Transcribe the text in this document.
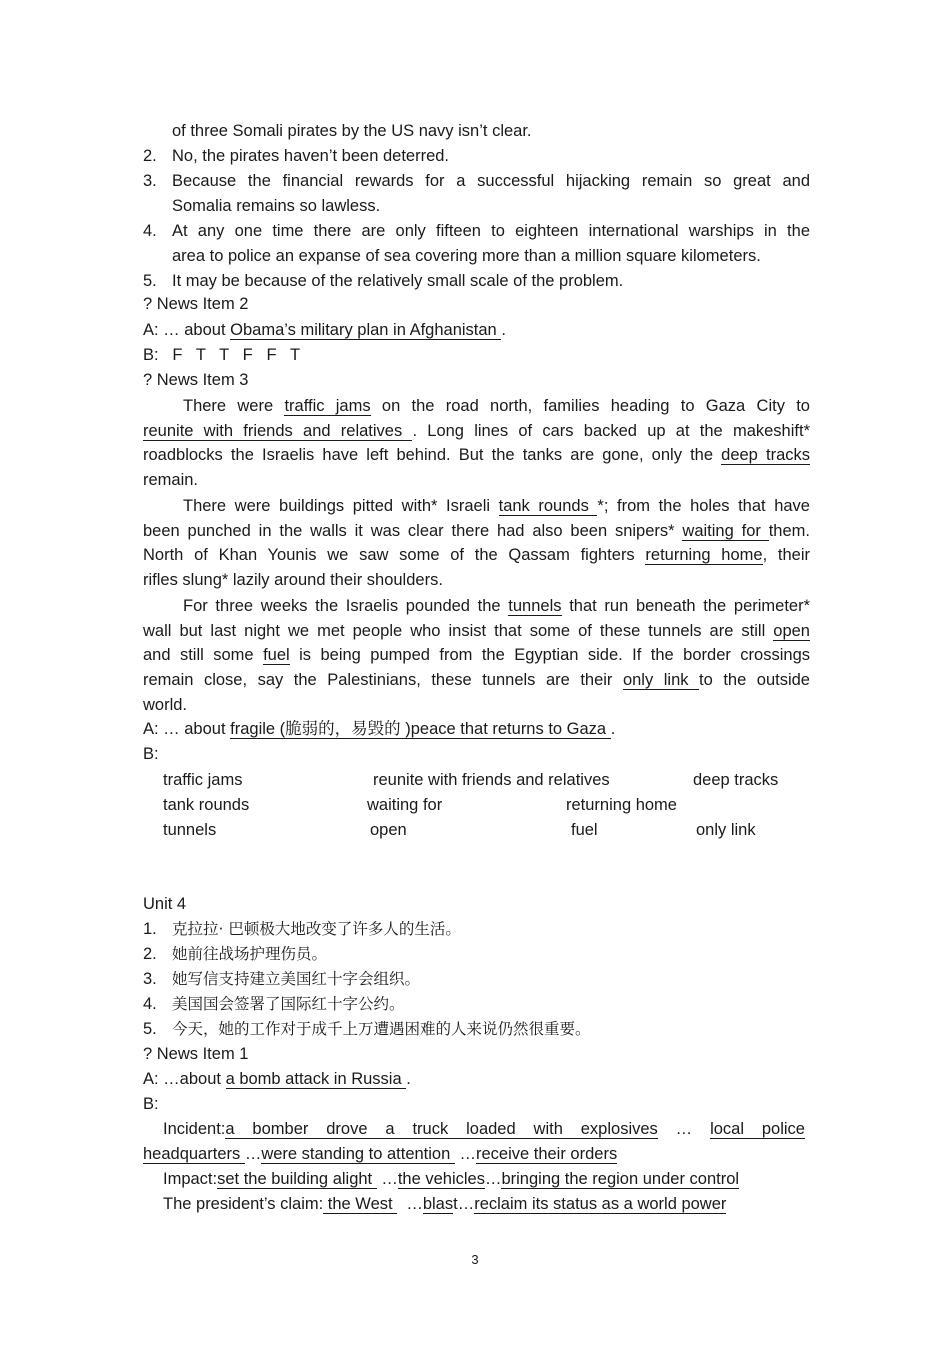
of three Somali pirates by the US navy isn’t clear.
2. No, the pirates haven’t been deterred.
3. Because the financial rewards for a successful hijacking remain so great and
Somalia remains so lawless.
4. At any one time there are only fifteen to eighteen international warships in the
area to police an expanse of sea covering more than a million square kilometers.
5. It may be because of the relatively small scale of the problem.
? News Item 2
A: … about Obama’s military plan in Afghanistan .
B:   F   T   T   F   F   T
? News Item 3
There were traffic jams on the road north, families heading to Gaza City to
reunite with friends and relatives . Long lines of cars backed up at the makeshift*
roadblocks the Israelis have left behind. But the tanks are gone, only the deep tracks
remain.
There were buildings pitted with* Israeli tank rounds *; from the holes that have
been punched in the walls it was clear there had also been snipers* waiting for them.
North of Khan Younis we saw some of the Qassam fighters returning home, their
rifles slung* lazily around their shoulders.
For three weeks the Israelis pounded the tunnels that run beneath the perimeter*
wall but last night we met people who insist that some of these tunnels are still open
and still some fuel is being pumped from the Egyptian side. If the border crossings
remain close, say the Palestinians, these tunnels are their only link to the outside
world.
A: … about fragile (脆弱的，易毁的 )peace that returns to Gaza .
B:
traffic jams	reunite with friends and relatives	deep tracks
tank rounds	waiting for	returning home
tunnels	open	fuel	only link
Unit 4
1. 克拉拉· 巴顿极大地改变了许多人的生活。
2. 她前往战场护理伤员。
3. 她写信支持建立美国红十字会组织。
4. 美国国会签署了国际红十字公约。
5. 今天，她的工作对于成千上万遭遇困难的人来说仍然很重要。
? News Item 1
A: …about a bomb attack in Russia .
B:
Incident:a bomber drove a truck loaded with explosives … local police
headquarters …were standing to attention  …receive their orders
Impact:set the building alight  …the vehicles…bringing the region under control
The president’s claim: the West   …blast…reclaim its status as a world power
3
